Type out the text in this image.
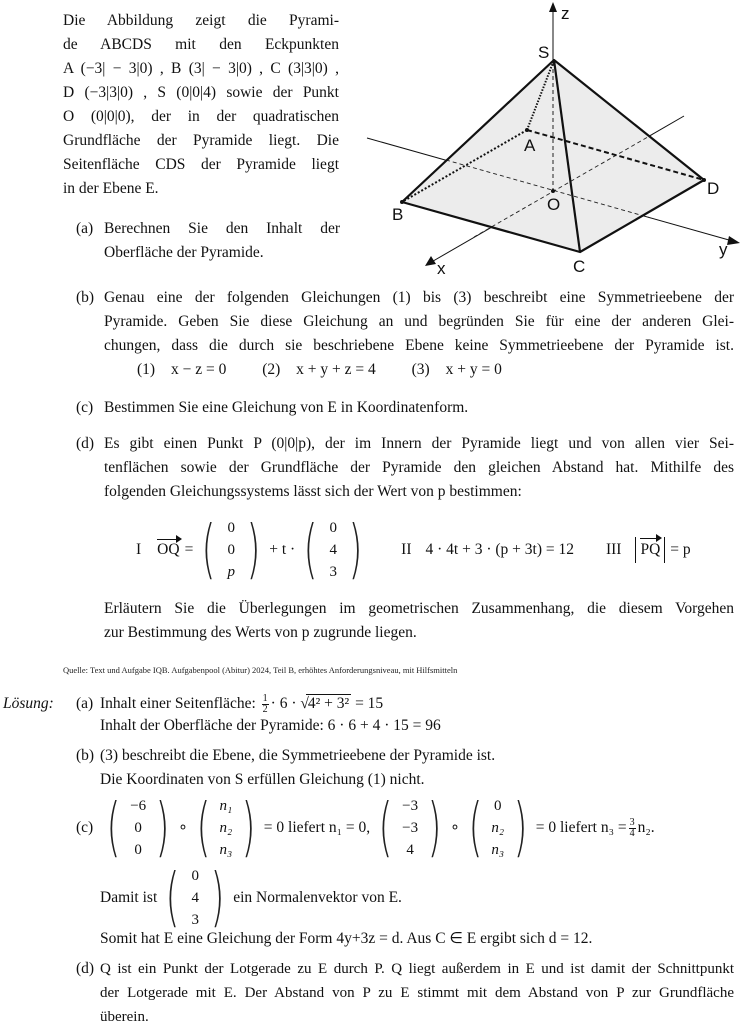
Die Abbildung zeigt die Pyrami-
de ABCDS mit den Eckpunkten
A (−3| − 3|0) , B (3| − 3|0) , C (3|3|0) ,
D (−3|3|0) , S (0|0|4) sowie der Punkt
O (0|0|0), der in der quadratischen
Grundfläche der Pyramide liegt. Die
Seitenfläche CDS der Pyramide liegt
in der Ebene E.
z
S
A
O
B
C
D
y
x
(a) Berechnen Sie den Inhalt der
Oberfläche der Pyramide.
(b) Genau eine der folgenden Gleichungen (1) bis (3) beschreibt eine Symmetrieebene der
Pyramide. Geben Sie diese Gleichung an und begründen Sie für eine der anderen Glei-
chungen, dass die durch sie beschriebene Ebene keine Symmetrieebene der Pyramide ist.
(1) x − z = 0 (2) x + y + z = 4 (3) x + y = 0
(c) Bestimmen Sie eine Gleichung von E in Koordinatenform.
(d) Es gibt einen Punkt P (0|0|p), der im Innern der Pyramide liegt und von allen vier Sei-
tenflächen sowie der Grundfläche der Pyramide den gleichen Abstand hat. Mithilfe des
folgenden Gleichungssystems lässt sich der Wert von p bestimmen:
I OQ = ( 0
0
p ) + t · ( 0
4
3 ) II 4 · 4t + 3 · (p + 3t) = 12 III	PQ = p
Erläutern Sie die Überlegungen im geometrischen Zusammenhang, die diesem Vorgehen
zur Bestimmung des Werts von p zugrunde liegen.
Quelle: Text und Aufgabe IQB. Aufgabenpool (Abitur) 2024, Teil B, erhöhtes Anforderungsniveau, mit Hilfsmitteln
Lösung: (a) Inhalt einer Seitenfläche: $\frac{1}{2} \cdot 6 \cdot √4^2 + 3^2 = 15$
Inhalt der Oberfläche der Pyramide: 6 · 6 + 4 · 15 = 96
(b) (3) beschreibt die Ebene, die Symmetrieebene der Pyramide ist.
Die Koordinaten von S erfüllen Gleichung (1) nicht.
(c) ( −6
0
0 ) ∘ ( n₁
n₂
n₃ ) = 0 liefert n₁ = 0, ( −3
−3
4 ) ∘ ( 0
n₂
n₃ ) = 0 liefert $n_3 = \frac{3}{4} n_2$.
Damit ist ( 0
4
3 ) ein Normalenvektor von E.
Somit hat E eine Gleichung der Form 4y+3z = d. Aus C ∈ E ergibt sich d = 12.
(d) Q ist ein Punkt der Lotgerade zu E durch P. Q liegt außerdem in E und ist damit der Schnittpunkt
der Lotgerade mit E. Der Abstand von P zu E stimmt mit dem Abstand von P zur Grundfläche
überein.
